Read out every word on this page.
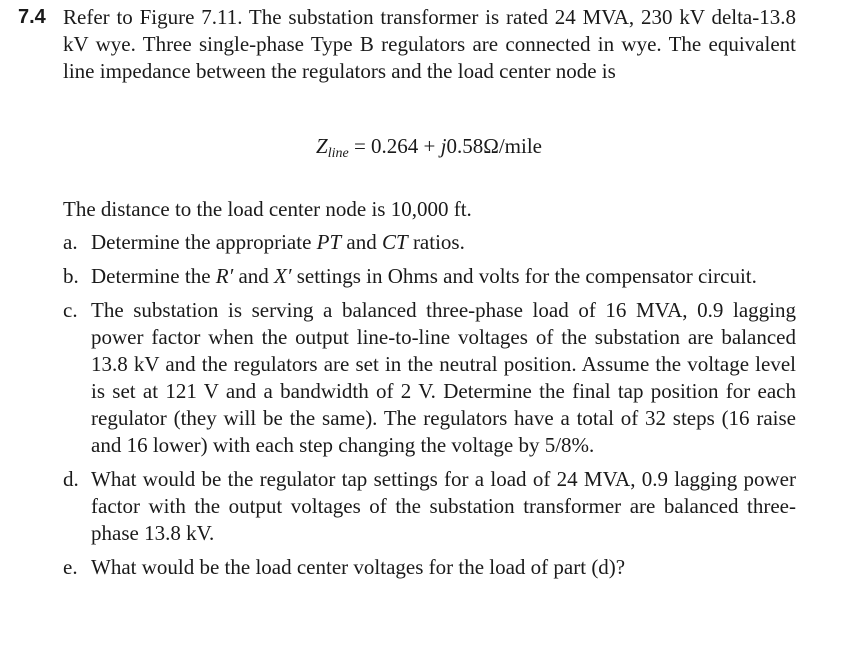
7.4 Refer to Figure 7.11. The substation transformer is rated 24 MVA, 230 kV delta-13.8 kV wye. Three single-phase Type B regulators are connected in wye. The equivalent line impedance between the regulators and the load center node is
Zline = 0.264 + j0.58Ω/mile
The distance to the load center node is 10,000 ft.
a. Determine the appropriate PT and CT ratios.
b. Determine the R′ and X′ settings in Ohms and volts for the compensator circuit.
c. The substation is serving a balanced three-phase load of 16 MVA, 0.9 lagging power factor when the output line-to-line voltages of the substation are balanced 13.8 kV and the regulators are set in the neutral position. Assume the voltage level is set at 121 V and a bandwidth of 2 V. Determine the final tap position for each regulator (they will be the same). The regulators have a total of 32 steps (16 raise and 16 lower) with each step changing the voltage by 5/8%.
d. What would be the regulator tap settings for a load of 24 MVA, 0.9 lagging power factor with the output voltages of the substation transformer are balanced three-phase 13.8 kV.
e. What would be the load center voltages for the load of part (d)?
